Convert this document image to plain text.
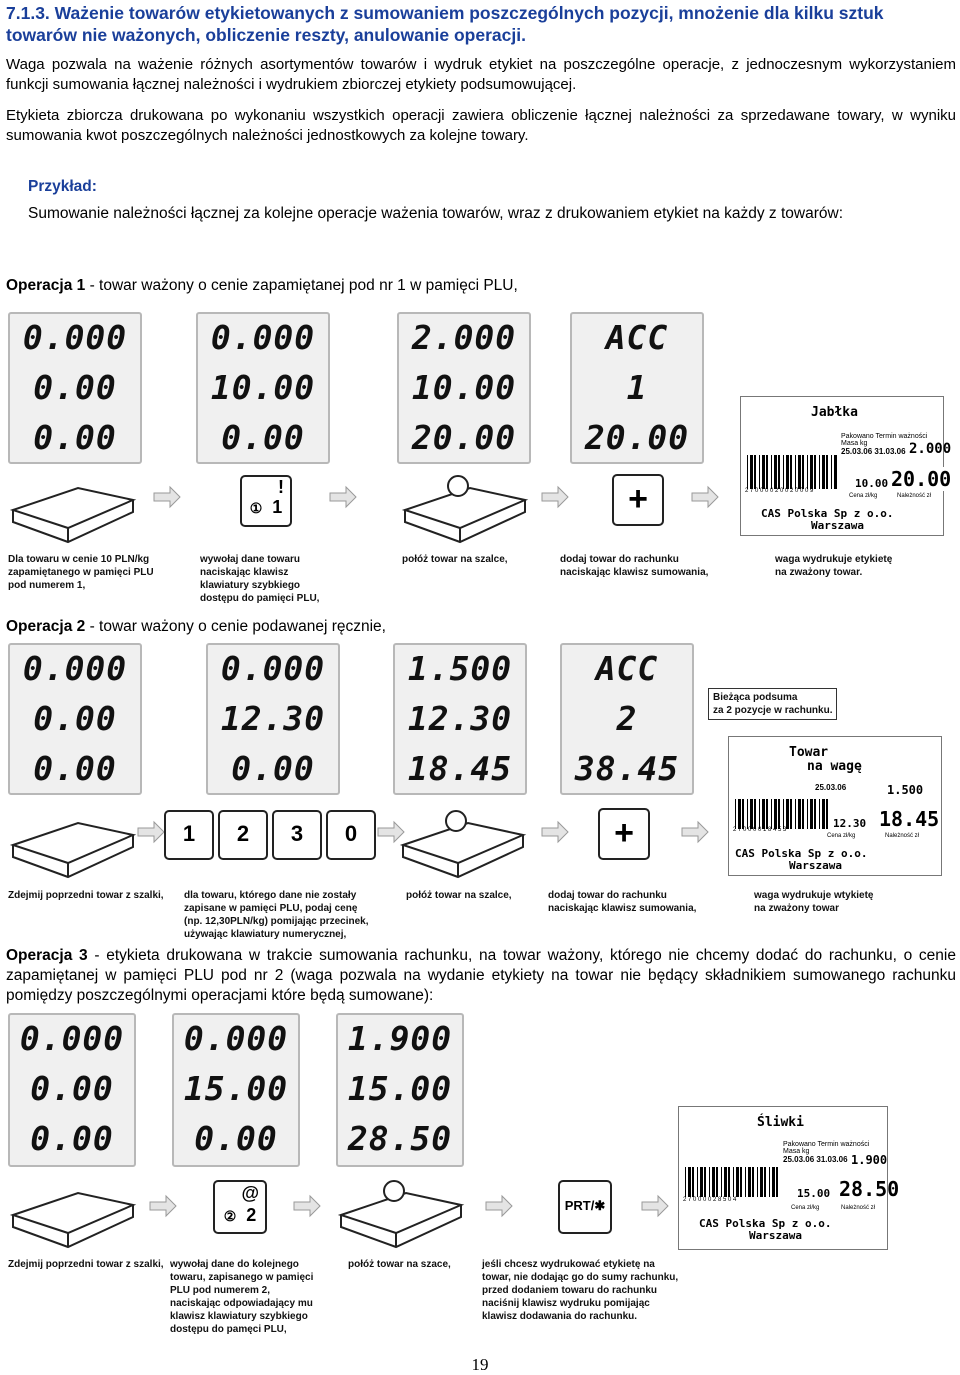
7.1.3. Ważenie towarów etykietowanych z sumowaniem poszczególnych pozycji, mnożenie dla kilku sztuk towarów nie ważonych, obliczenie reszty, anulowanie operacji.
Waga pozwala na ważenie różnych asortymentów towarów i wydruk etykiet na poszczególne operacje, z jednoczesnym wykorzystaniem funkcji sumowania łącznej należności i wydrukiem zbiorczej etykiety podsumowującej.
Etykieta zbiorcza drukowana po wykonaniu wszystkich operacji zawiera obliczenie łącznej należności za sprzedawane towary, w wyniku sumowania kwot poszczególnych należności jednostkowych za kolejne towary.
Przykład:
Sumowanie należności łącznej za kolejne operacje ważenia towarów, wraz z drukowaniem etykiet na każdy z towarów:
Operacja 1 - towar ważony o cenie zapamiętanej pod nr 1 w pamięci PLU,
0.000
0.00
0.00
0.000
10.00
0.00
2.000
10.00
20.00
ACC
1
20.00
!
① 1	+
Jabłka
Pakowano Termin ważności Masa kg
25.03.06 31.03.06 2.000
2 7 0 0 0 0 2 0 0 2 0 0 0 9
10.00 20.00
Cena zł/kg	Należność zł
CAS Polska Sp z o.o.
Warszawa
Dla towaru w cenie 10 PLN/kg
zapamiętanego w pamięci PLU
pod numerem 1,
wywołaj dane towaru
naciskając klawisz
klawiatury szybkiego
dostępu do pamięci PLU,
połóż towar na szalce,	dodaj towar do rachunku
naciskając klawisz sumowania,
waga wydrukuje etykietę
na zważony towar.
Operacja 2 - towar ważony o cenie podawanej ręcznie,
0.000
0.00
0.00
0.000
12.30
0.00
1.500
12.30
18.45
ACC
2
38.45
Bieżąca podsuma
za 2 pozycje w rachunku.
1	2	3	0	+
Towar
na wagę
25.03.06	1.500
2 7 0 0 0 0 1 8 4 5 3	12.30 18.45
Cena zł/kg	Należność zł
CAS Polska Sp z o.o.
Warszawa
Zdejmij poprzedni towar z szalki, dla towaru, którego dane nie zostały
zapisane w pamięci PLU, podaj cenę
(np. 12,30PLN/kg) pomijając przecinek,
używając klawiatury numerycznej,
połóż towar na szalce,	dodaj towar do rachunku
naciskając klawisz sumowania,
waga wydrukuje wtykietę
na zważony towar
Operacja 3 - etykieta drukowana w trakcie sumowania rachunku, na towar ważony, którego nie chcemy dodać do rachunku, o cenie zapamiętanej w pamięci PLU pod nr 2 (waga pozwala na wydanie etykiety na towar nie będący składnikiem sumowanego rachunku pomiędzy poszczególnymi operacjami które będą sumowane):
0.000
0.00
0.00
0.000
15.00
0.00
1.900
15.00
28.50
@
② 2	PRT/✱
Śliwki
Pakowano Termin ważności Masa kg
25.03.06 31.03.06 1.900
2 7 0 0 0 0 2 8 5 0 4	15.00 28.50
Cena zł/kg	Należność zł
CAS Polska Sp z o.o.
Warszawa
Zdejmij poprzedni towar z szalki, wywołaj dane do kolejnego
towaru, zapisanego w pamięci
PLU pod numerem 2,
naciskając odpowiadający mu
klawisz klawiatury szybkiego
dostępu do pamęci PLU,
połóż towar na szace,	jeśli chcesz wydrukować etykietę na
towar, nie dodając go do sumy rachunku,
przed dodaniem towaru do rachunku
naciśnij klawisz wydruku pomijając
klawisz dodawania do rachunku.
19
